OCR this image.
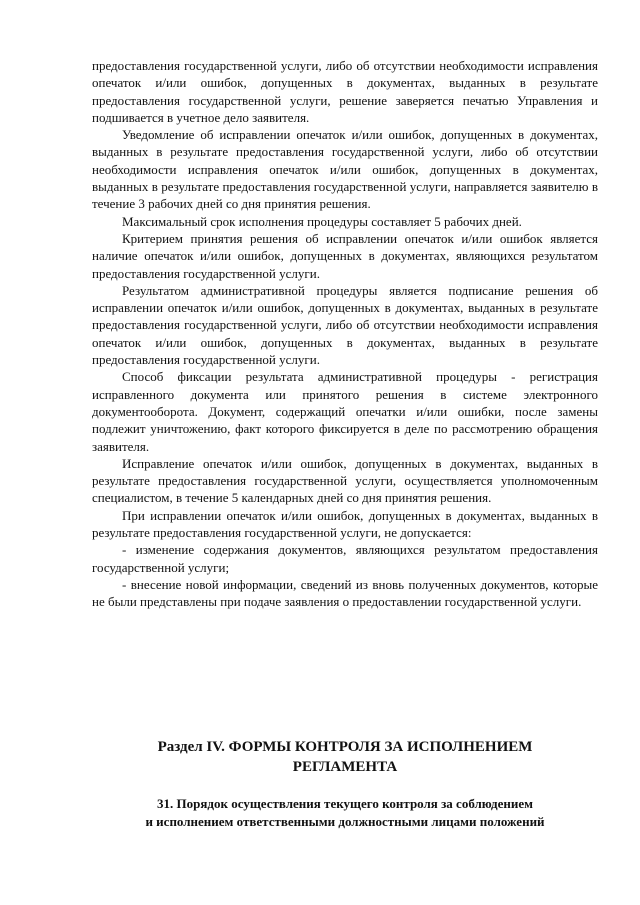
предоставления государственной услуги, либо об отсутствии необходимости исправления опечаток и/или ошибок, допущенных в документах, выданных в результате предоставления государственной услуги, решение заверяется печатью Управления и подшивается в учетное дело заявителя.

Уведомление об исправлении опечаток и/или ошибок, допущенных в документах, выданных в результате предоставления государственной услуги, либо об отсутствии необходимости исправления опечаток и/или ошибок, допущенных в документах, выданных в результате предоставления государственной услуги, направляется заявителю в течение 3 рабочих дней со дня принятия решения.

Максимальный срок исполнения процедуры составляет 5 рабочих дней.

Критерием принятия решения об исправлении опечаток и/или ошибок является наличие опечаток и/или ошибок, допущенных в документах, являющихся результатом предоставления государственной услуги.

Результатом административной процедуры является подписание решения об исправлении опечаток и/или ошибок, допущенных в документах, выданных в результате предоставления государственной услуги, либо об отсутствии необходимости исправления опечаток и/или ошибок, допущенных в документах, выданных в результате предоставления государственной услуги.

Способ фиксации результата административной процедуры - регистрация исправленного документа или принятого решения в системе электронного документооборота. Документ, содержащий опечатки и/или ошибки, после замены подлежит уничтожению, факт которого фиксируется в деле по рассмотрению обращения заявителя.

Исправление опечаток и/или ошибок, допущенных в документах, выданных в результате предоставления государственной услуги, осуществляется уполномоченным специалистом, в течение 5 календарных дней со дня принятия решения.

При исправлении опечаток и/или ошибок, допущенных в документах, выданных в результате предоставления государственной услуги, не допускается:

- изменение содержания документов, являющихся результатом предоставления государственной услуги;

- внесение новой информации, сведений из вновь полученных документов, которые не были представлены при подаче заявления о предоставлении государственной услуги.

Раздел IV. ФОРМЫ КОНТРОЛЯ ЗА ИСПОЛНЕНИЕМ
РЕГЛАМЕНТА
31. Порядок осуществления текущего контроля за соблюдением
и исполнением ответственными должностными лицами положений
